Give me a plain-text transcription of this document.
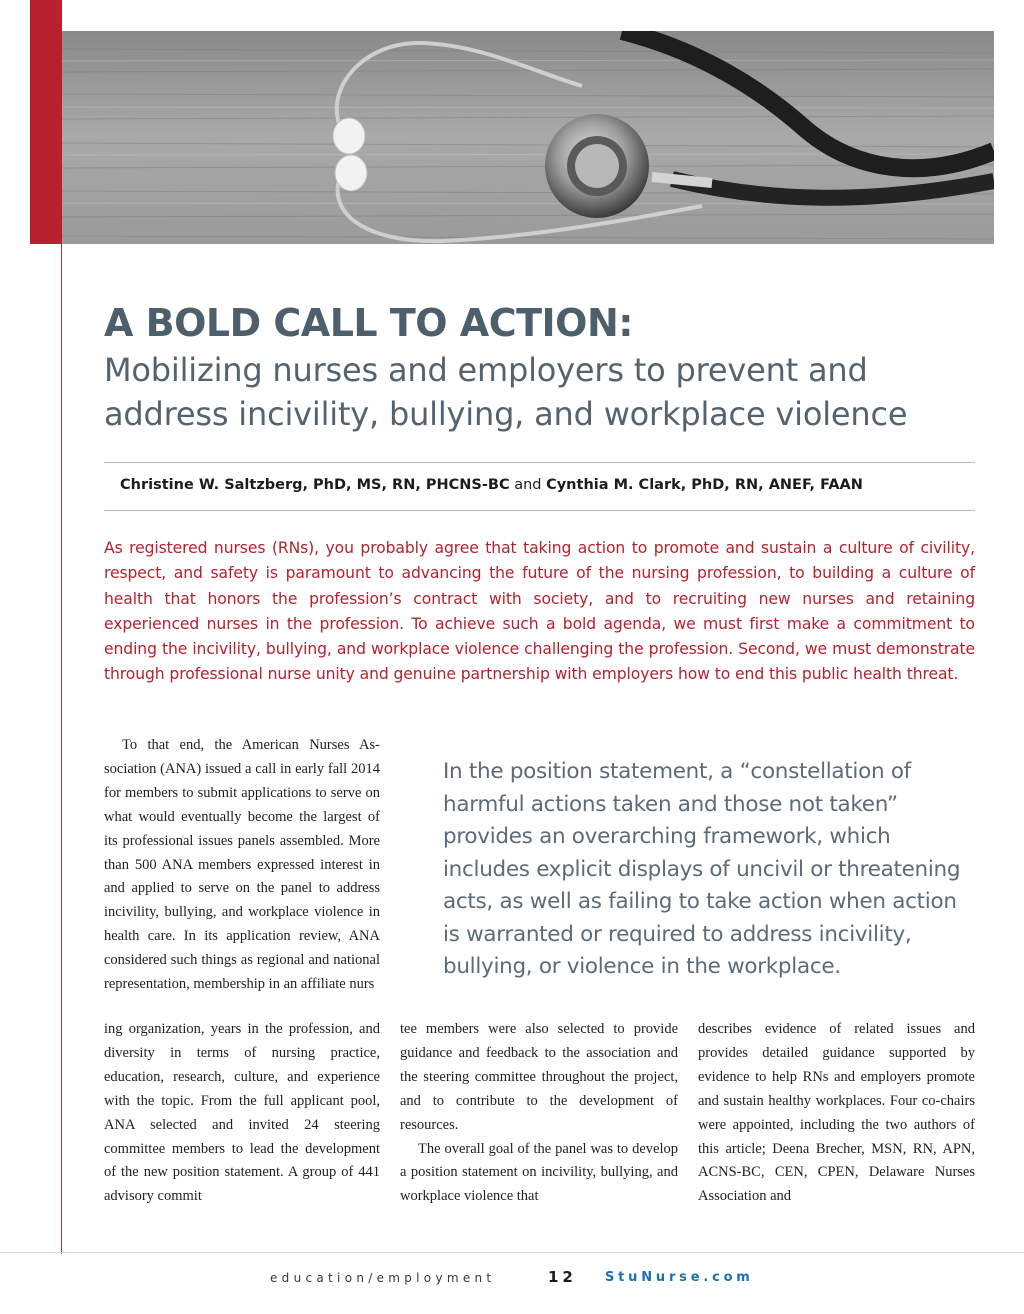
A BOLD CALL TO ACTION:
Mobilizing nurses and employers to prevent and address incivility, bullying, and workplace violence
Christine W. Saltzberg, PhD, MS, RN, PHCNS-BC and Cynthia M. Clark, PhD, RN, ANEF, FAAN

As registered nurses (RNs), you probably agree that taking action to promote and sustain a culture of civility, respect, and safety is paramount to advancing the future of the nursing profession, to building a culture of health that honors the profession’s contract with society, and to recruiting new nurses and retaining experienced nurses in the profession. To achieve such a bold agenda, we must first make a commitment to ending the incivility, bullying, and workplace violence challenging the profession. Second, we must demonstrate through professional nurse unity and genuine partnership with employers how to end this public health threat.

To that end, the American Nurses Association (ANA) issued a call in early fall 2014 for members to submit applications to serve on what would eventually become the largest of its professional issues panels assembled. More than 500 ANA members expressed interest in and applied to serve on the panel to address incivility, bullying, and workplace violence in health care. In its application review, ANA considered such things as regional and national representation, membership in an affiliate nurs

In the position statement, a “constellation of harmful actions taken and those not taken” provides an overarching framework, which includes explicit displays of uncivil or threatening acts, as well as failing to take action when action is warranted or required to address incivility, bullying, or violence in the workplace.

ing organization, years in the profession, and diversity in terms of nursing practice, education, research, culture, and experience with the topic. From the full applicant pool, ANA selected and invited 24 steering committee members to lead the development of the new position statement. A group of 441 advisory commit

tee members were also selected to provide guidance and feedback to the association and the steering committee throughout the project, and to contribute to the development of resources.

The overall goal of the panel was to develop a position statement on incivility, bullying, and workplace violence that

describes evidence of related issues and provides detailed guidance supported by evidence to help RNs and employers promote and sustain healthy workplaces. Four co-chairs were appointed, including the two authors of this article; Deena Brecher, MSN, RN, APN, ACNS-BC, CEN, CPEN, Delaware Nurses Association and

education/employment	12 StuNurse.com
